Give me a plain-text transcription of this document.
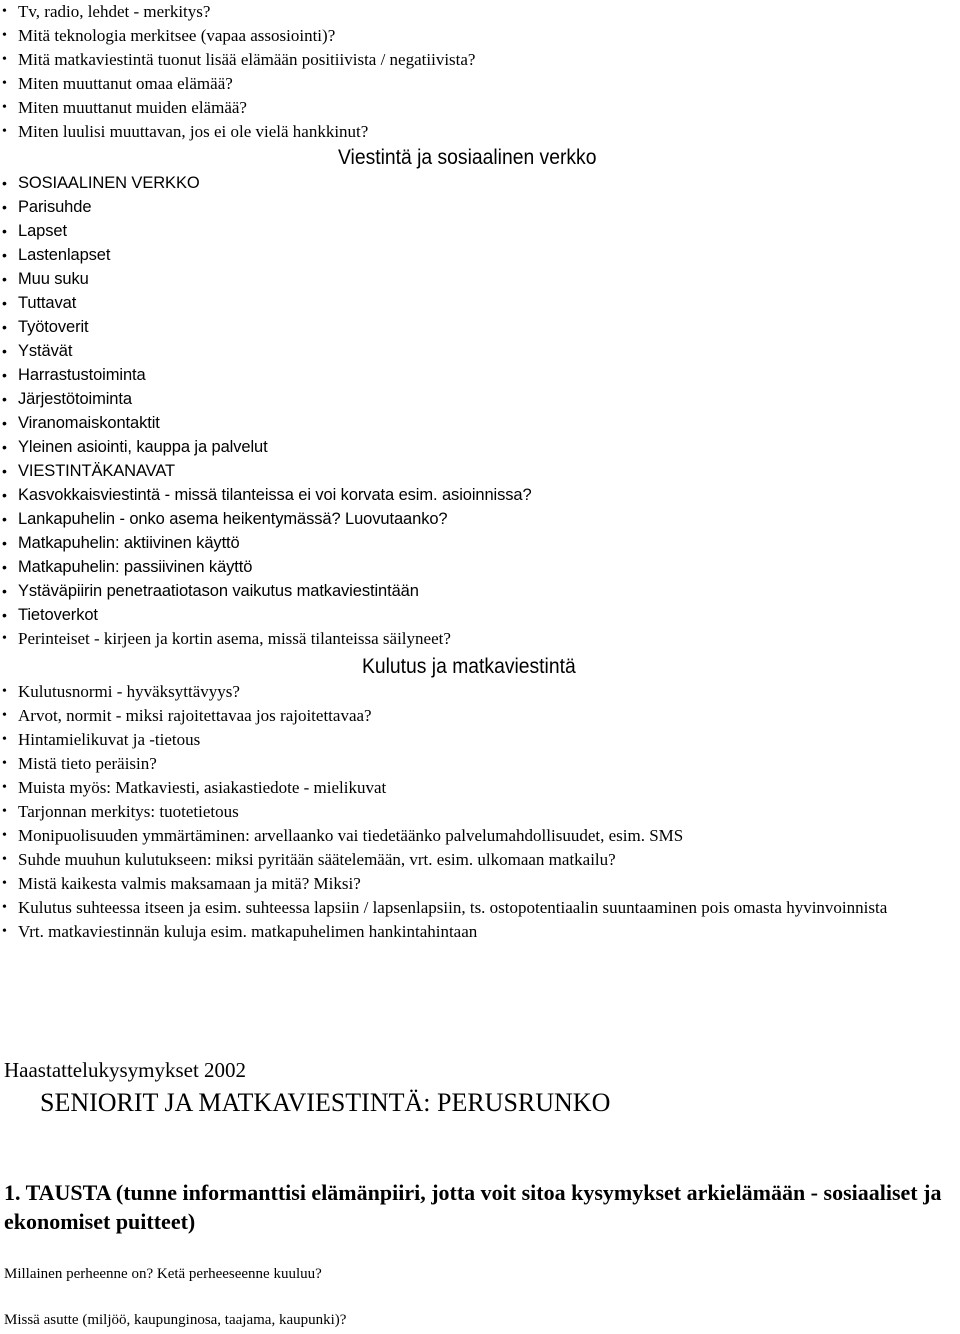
• Tv, radio, lehdet - merkitys?
• Mitä teknologia merkitsee (vapaa assosiointi)?
• Mitä matkaviestintä tuonut lisää elämään positiivista / negatiivista?
• Miten muuttanut omaa elämää?
• Miten muuttanut muiden elämää?
• Miten luulisi muuttavan, jos ei ole vielä hankkinut?
Viestintä ja sosiaalinen verkko
• SOSIAALINEN VERKKO
• Parisuhde
• Lapset
• Lastenlapset
• Muu suku
• Tuttavat
• Työtoverit
• Ystävät
• Harrastustoiminta
• Järjestötoiminta
• Viranomaiskontaktit
• Yleinen asiointi, kauppa ja palvelut
• VIESTINTÄKANAVAT
• Kasvokkaisviestintä - missä tilanteissa ei voi korvata esim. asioinnissa?
• Lankapuhelin - onko asema heikentymässä? Luovutaanko?
• Matkapuhelin: aktiivinen käyttö
• Matkapuhelin: passiivinen käyttö
• Ystäväpiirin penetraatiotason vaikutus matkaviestintään
• Tietoverkot
• Perinteiset - kirjeen ja kortin asema, missä tilanteissa säilyneet?
Kulutus ja matkaviestintä
• Kulutusnormi - hyväksyttävyys?
• Arvot, normit - miksi rajoitettavaa jos rajoitettavaa?
• Hintamielikuvat ja -tietous
• Mistä tieto peräisin?
• Muista myös: Matkaviesti, asiakastiedote - mielikuvat
• Tarjonnan merkitys: tuotetietous
• Monipuolisuuden ymmärtäminen: arvellaanko vai tiedetäänko palvelumahdollisuudet, esim. SMS
• Suhde muuhun kulutukseen: miksi pyritään säätelemään, vrt. esim. ulkomaan matkailu?
• Mistä kaikesta valmis maksamaan ja mitä? Miksi?
• Kulutus suhteessa itseen ja esim. suhteessa lapsiin / lapsenlapsiin, ts. ostopotentiaalin suuntaaminen pois omasta hyvinvoinnista
• Vrt. matkaviestinnän kuluja esim. matkapuhelimen hankintahintaan

Haastattelukysymykset 2002

SENIORIT JA MATKAVIESTINTÄ: PERUSRUNKO
1. TAUSTA (tunne informanttisi elämänpiiri, jotta voit sitoa kysymykset arkielämään - sosiaaliset ja ekonomiset puitteet)

Millainen perheenne on? Ketä perheeseenne kuuluu?

Missä asutte (miljöö, kaupunginosa, taajama, kaupunki)?
